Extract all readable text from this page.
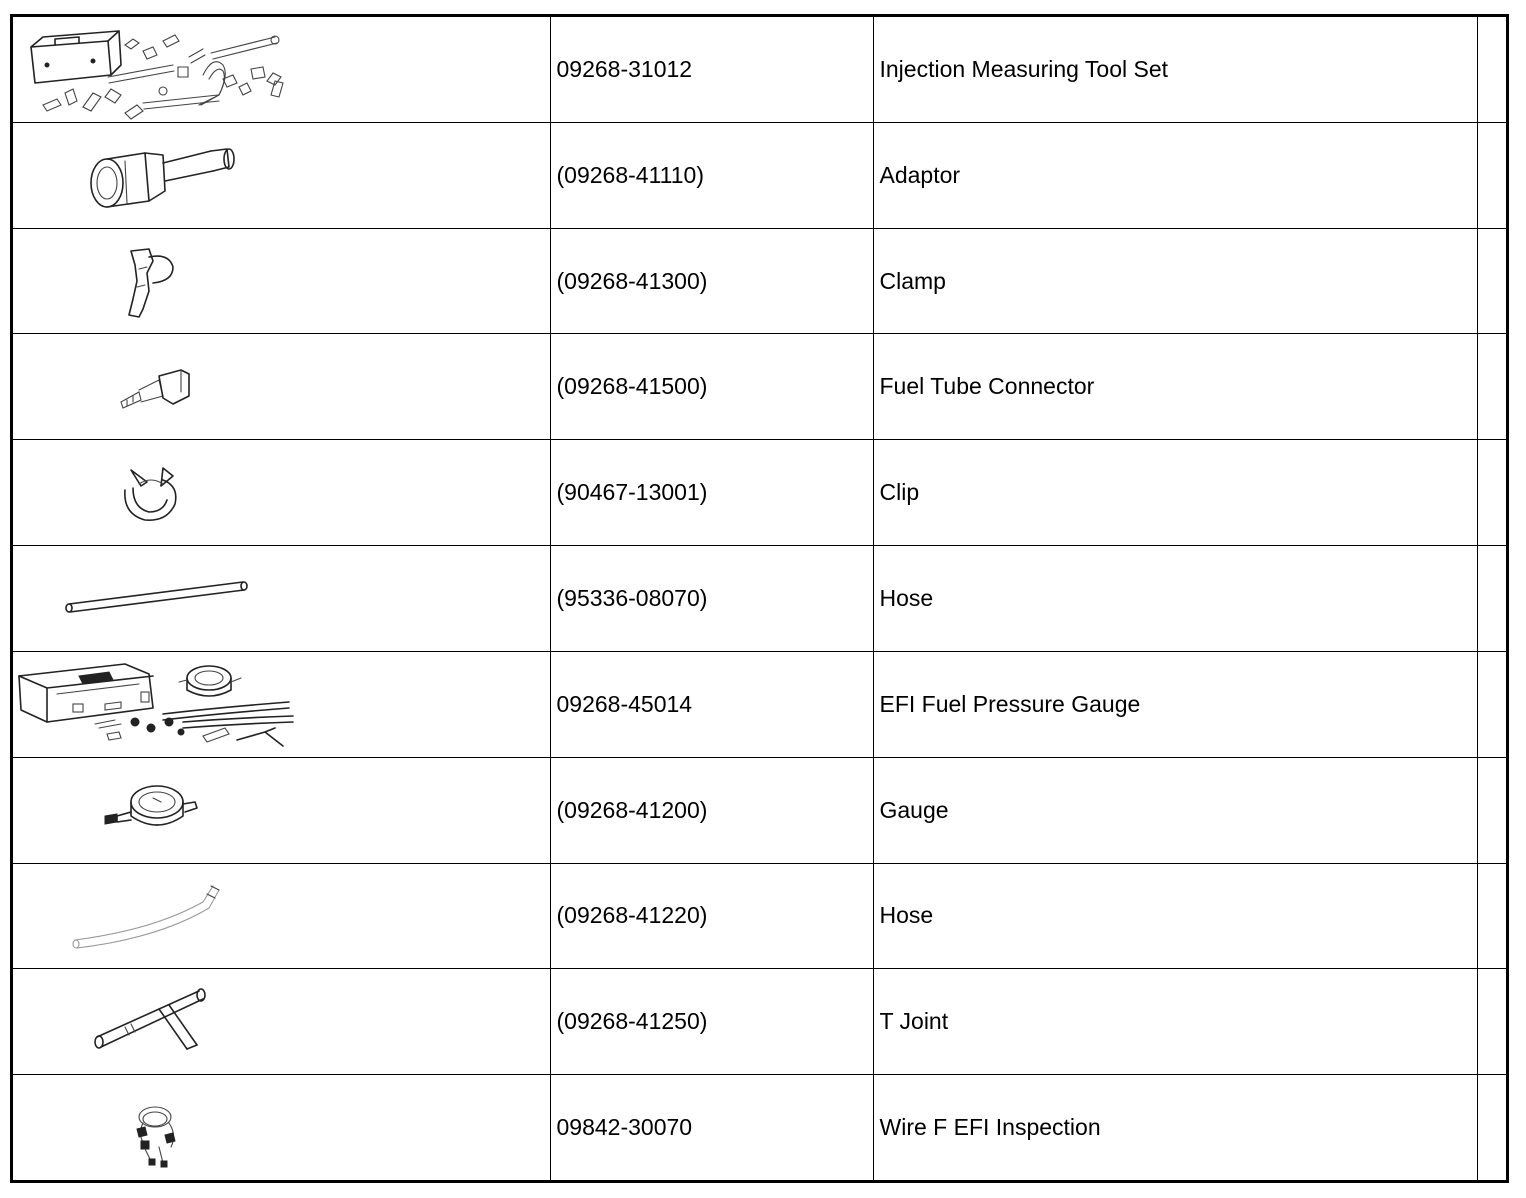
	09268-31012	Injection Measuring Tool Set	

	(09268-41110)	Adaptor	

	(09268-41300)	Clamp	

	(09268-41500)	Fuel Tube Connector	

	(90467-13001)	Clip	

	(95336-08070)	Hose	

	09268-45014	EFI Fuel Pressure Gauge	

	(09268-41200)	Gauge	

	(09268-41220)	Hose	

	(09268-41250)	T Joint	

	09842-30070	Wire F EFI Inspection	
